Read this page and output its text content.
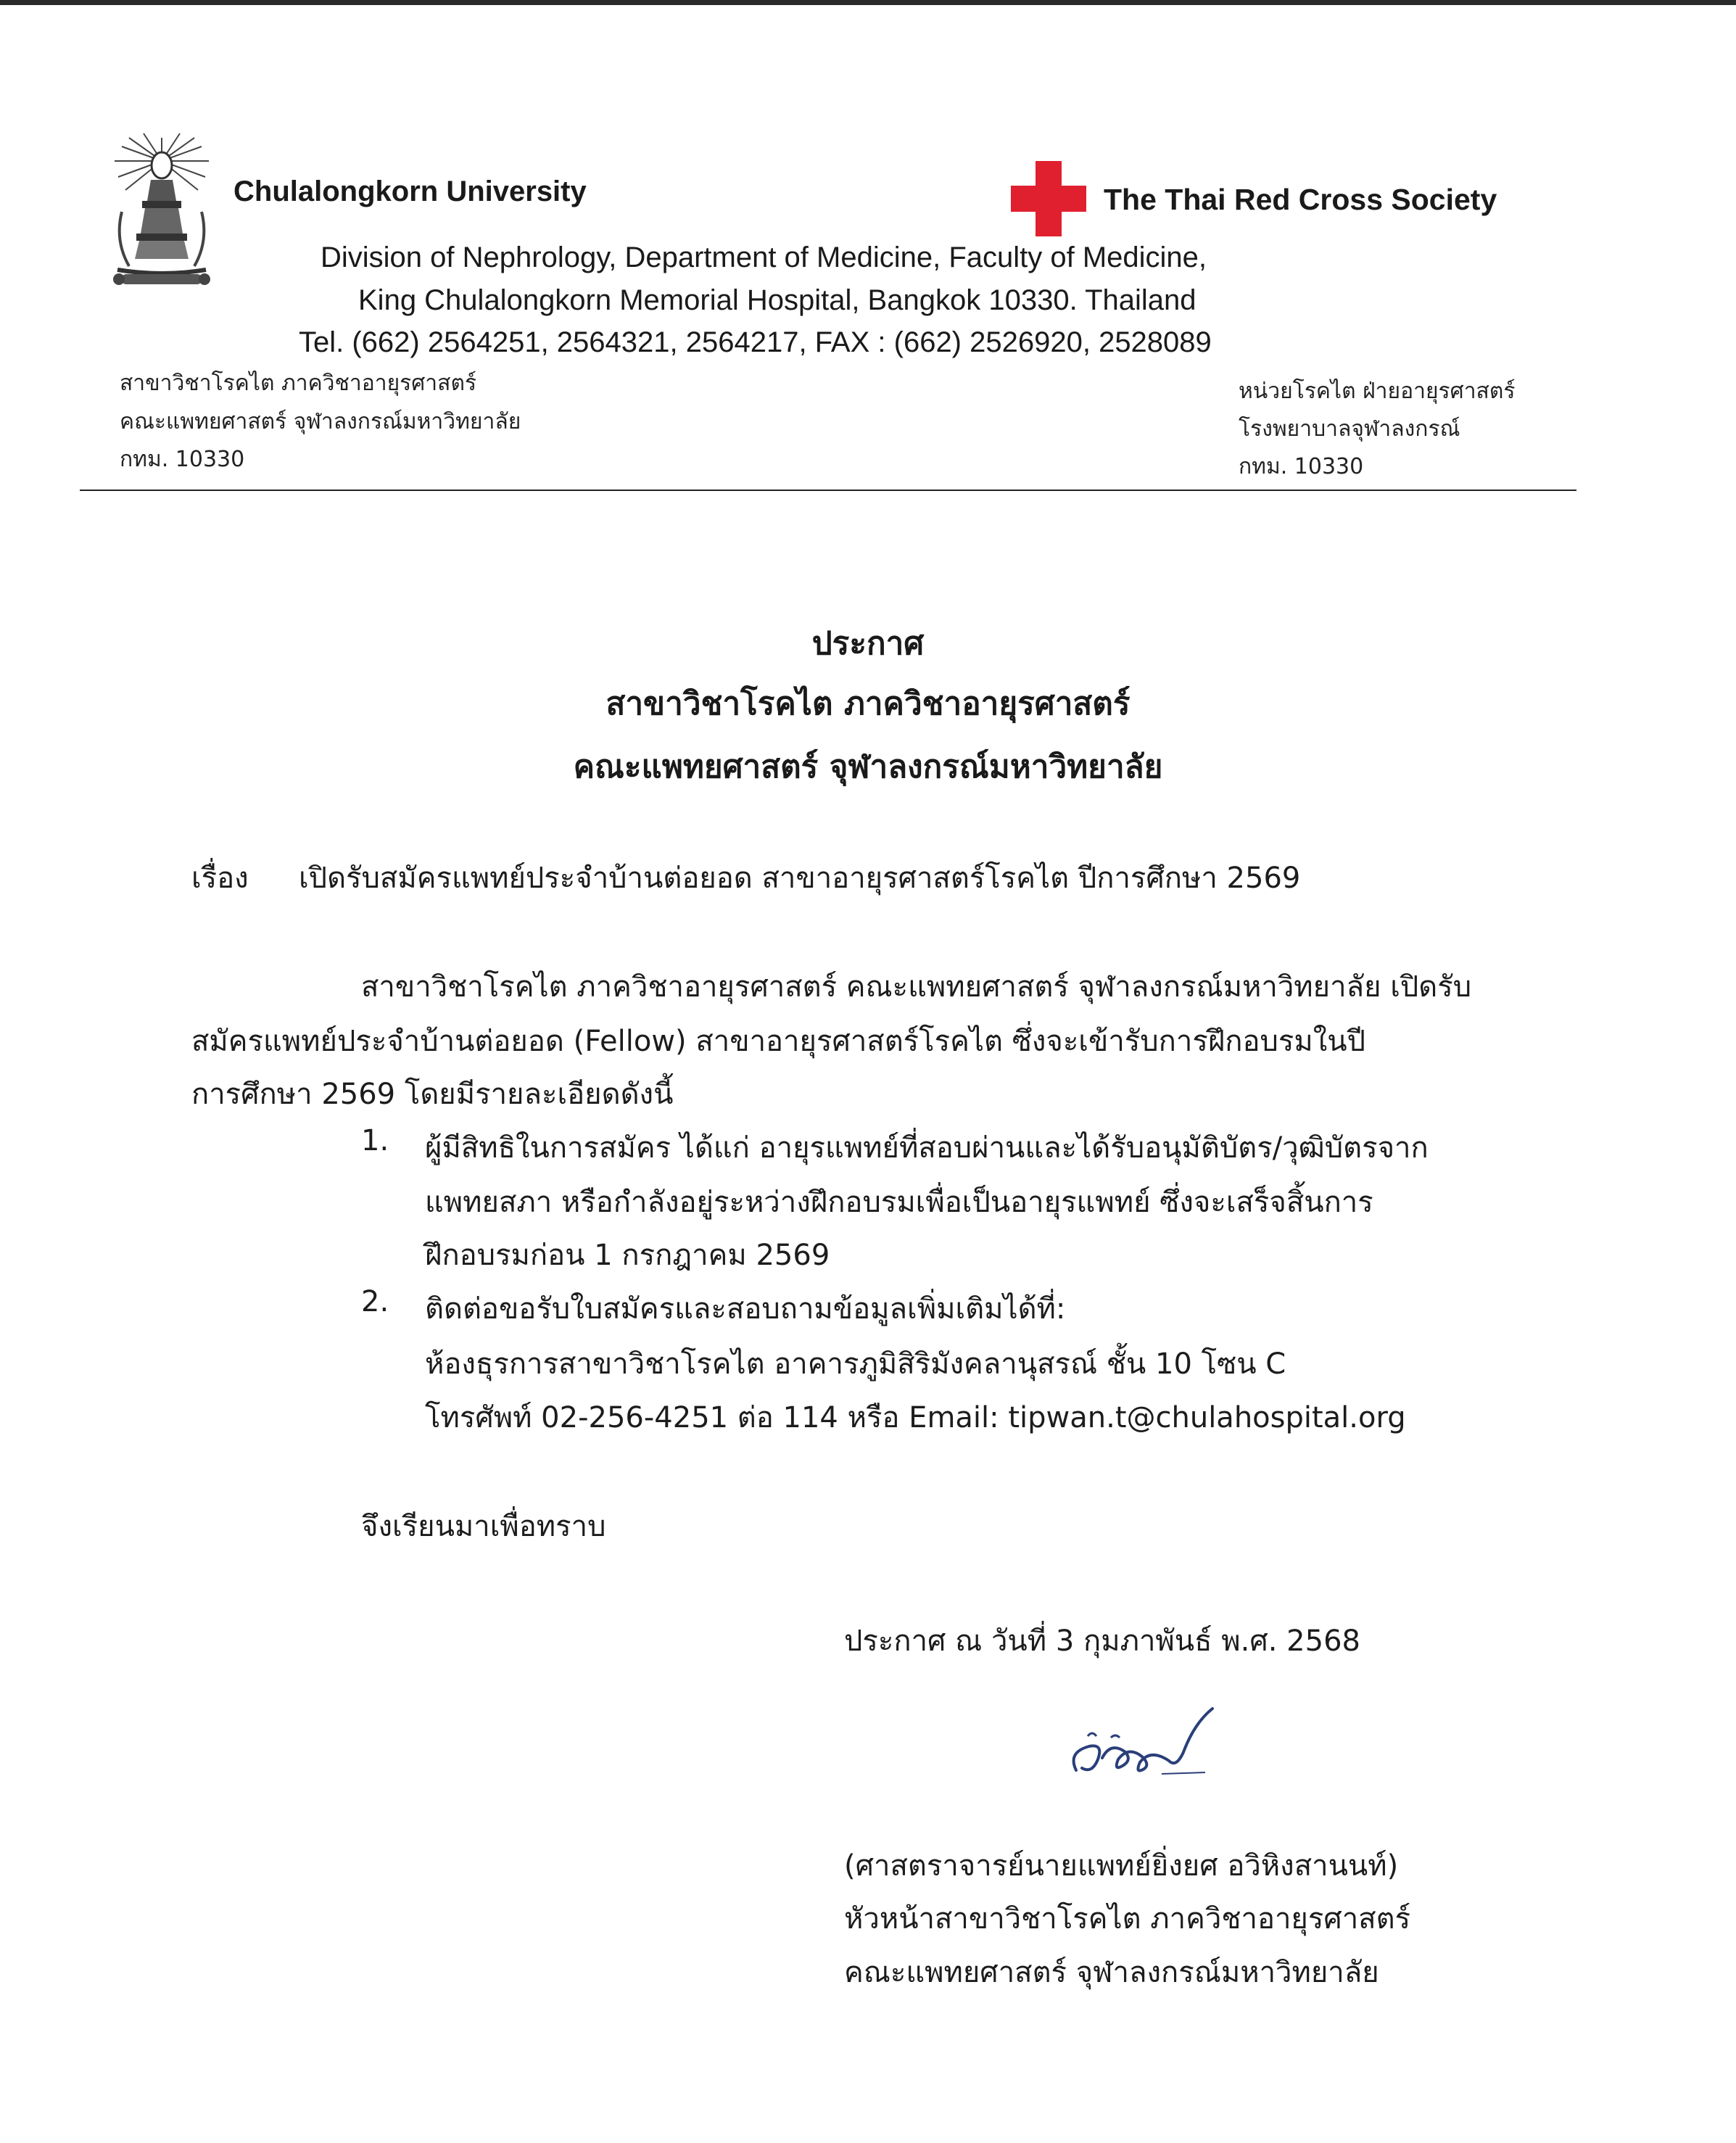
Chulalongkorn University	The Thai Red Cross Society
Division of Nephrology, Department of Medicine, Faculty of Medicine,
King Chulalongkorn Memorial Hospital, Bangkok 10330. Thailand
Tel. (662) 2564251, 2564321, 2564217, FAX : (662) 2526920, 2528089
สาขาวิชาโรคไต ภาควิชาอายุรศาสตร์
คณะแพทยศาสตร์ จุฬาลงกรณ์มหาวิทยาลัย
กทม. 10330
หน่วยโรคไต ฝ่ายอายุรศาสตร์
โรงพยาบาลจุฬาลงกรณ์
กทม. 10330
ประกาศ
สาขาวิชาโรคไต ภาควิชาอายุรศาสตร์
คณะแพทยศาสตร์ จุฬาลงกรณ์มหาวิทยาลัย
เรื่อง เปิดรับสมัครแพทย์ประจำบ้านต่อยอด สาขาอายุรศาสตร์โรคไต ปีการศึกษา 2569
สาขาวิชาโรคไต ภาควิชาอายุรศาสตร์ คณะแพทยศาสตร์ จุฬาลงกรณ์มหาวิทยาลัย เปิดรับ
สมัครแพทย์ประจำบ้านต่อยอด (Fellow) สาขาอายุรศาสตร์โรคไต ซึ่งจะเข้ารับการฝึกอบรมในปี
การศึกษา 2569 โดยมีรายละเอียดดังนี้
1. ผู้มีสิทธิในการสมัคร ได้แก่ อายุรแพทย์ที่สอบผ่านและได้รับอนุมัติบัตร/วุฒิบัตรจาก
แพทยสภา หรือกำลังอยู่ระหว่างฝึกอบรมเพื่อเป็นอายุรแพทย์ ซึ่งจะเสร็จสิ้นการ
ฝึกอบรมก่อน 1 กรกฎาคม 2569
2. ติดต่อขอรับใบสมัครและสอบถามข้อมูลเพิ่มเติมได้ที่:
ห้องธุรการสาขาวิชาโรคไต อาคารภูมิสิริมังคลานุสรณ์ ชั้น 10 โซน C
โทรศัพท์ 02-256-4251 ต่อ 114 หรือ Email: tipwan.t@chulahospital.org
จึงเรียนมาเพื่อทราบ
ประกาศ ณ วันที่ 3 กุมภาพันธ์ พ.ศ. 2568
(ศาสตราจารย์นายแพทย์ยิ่งยศ อวิหิงสานนท์)
หัวหน้าสาขาวิชาโรคไต ภาควิชาอายุรศาสตร์
คณะแพทยศาสตร์ จุฬาลงกรณ์มหาวิทยาลัย
